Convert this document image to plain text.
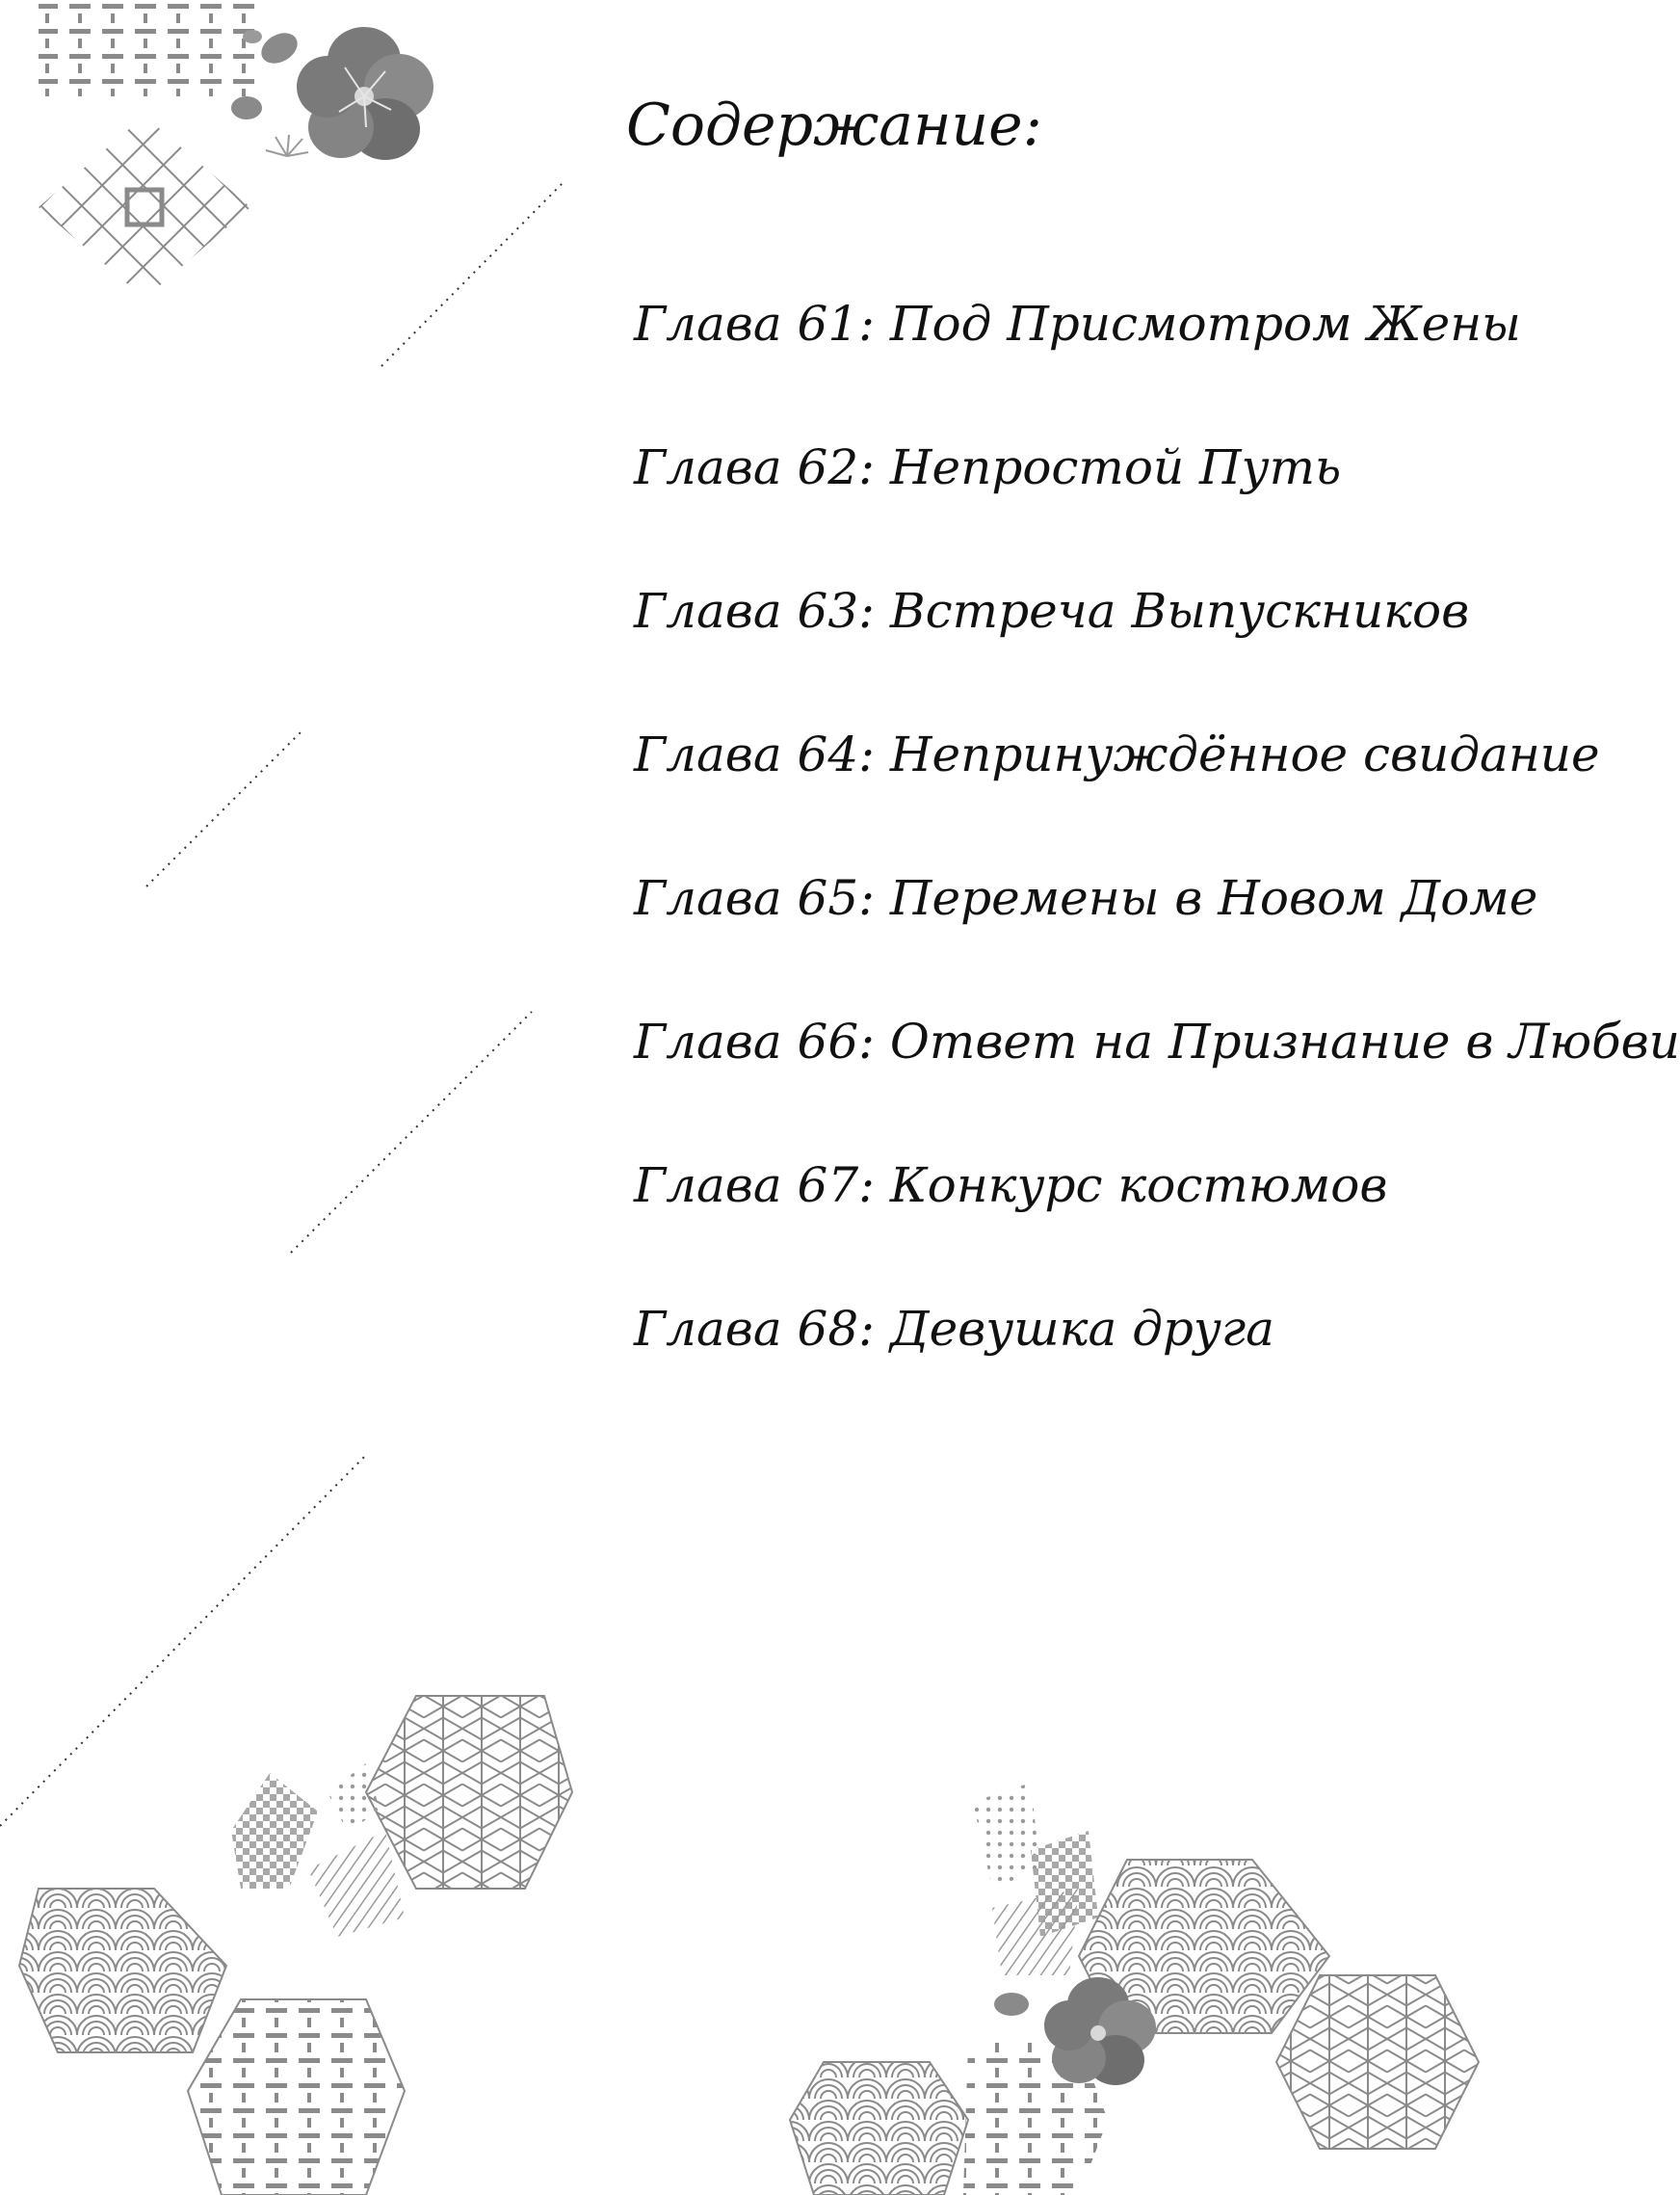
Содержание:
Глава 61: Под Присмотром Жены
Глава 62: Непростой Путь
Глава 63: Встреча Выпускников
Глава 64: Непринуждённое свидание
Глава 65: Перемены в Новом Доме
Глава 66: Ответ на Признание в Любви
Глава 67: Конкурс костюмов
Глава 68: Девушка друга
